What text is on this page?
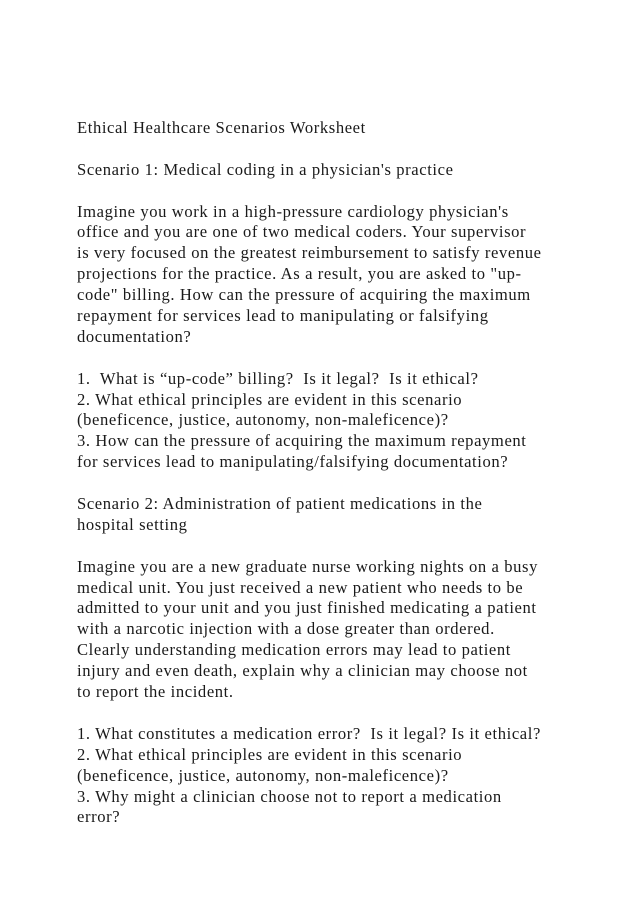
Ethical Healthcare Scenarios Worksheet
Scenario 1: Medical coding in a physician's practice
Imagine you work in a high-pressure cardiology physician's
office and you are one of two medical coders. Your supervisor
is very focused on the greatest reimbursement to satisfy revenue
projections for the practice. As a result, you are asked to "up-
code" billing. How can the pressure of acquiring the maximum
repayment for services lead to manipulating or falsifying
documentation?
1.  What is “up-code” billing?  Is it legal?  Is it ethical?
2. What ethical principles are evident in this scenario
(beneficence, justice, autonomy, non-maleficence)?
3. How can the pressure of acquiring the maximum repayment
for services lead to manipulating/falsifying documentation?
Scenario 2: Administration of patient medications in the
hospital setting
Imagine you are a new graduate nurse working nights on a busy
medical unit. You just received a new patient who needs to be
admitted to your unit and you just finished medicating a patient
with a narcotic injection with a dose greater than ordered.
Clearly understanding medication errors may lead to patient
injury and even death, explain why a clinician may choose not
to report the incident.
1. What constitutes a medication error?  Is it legal? Is it ethical?
2. What ethical principles are evident in this scenario
(beneficence, justice, autonomy, non-maleficence)?
3. Why might a clinician choose not to report a medication
error?
